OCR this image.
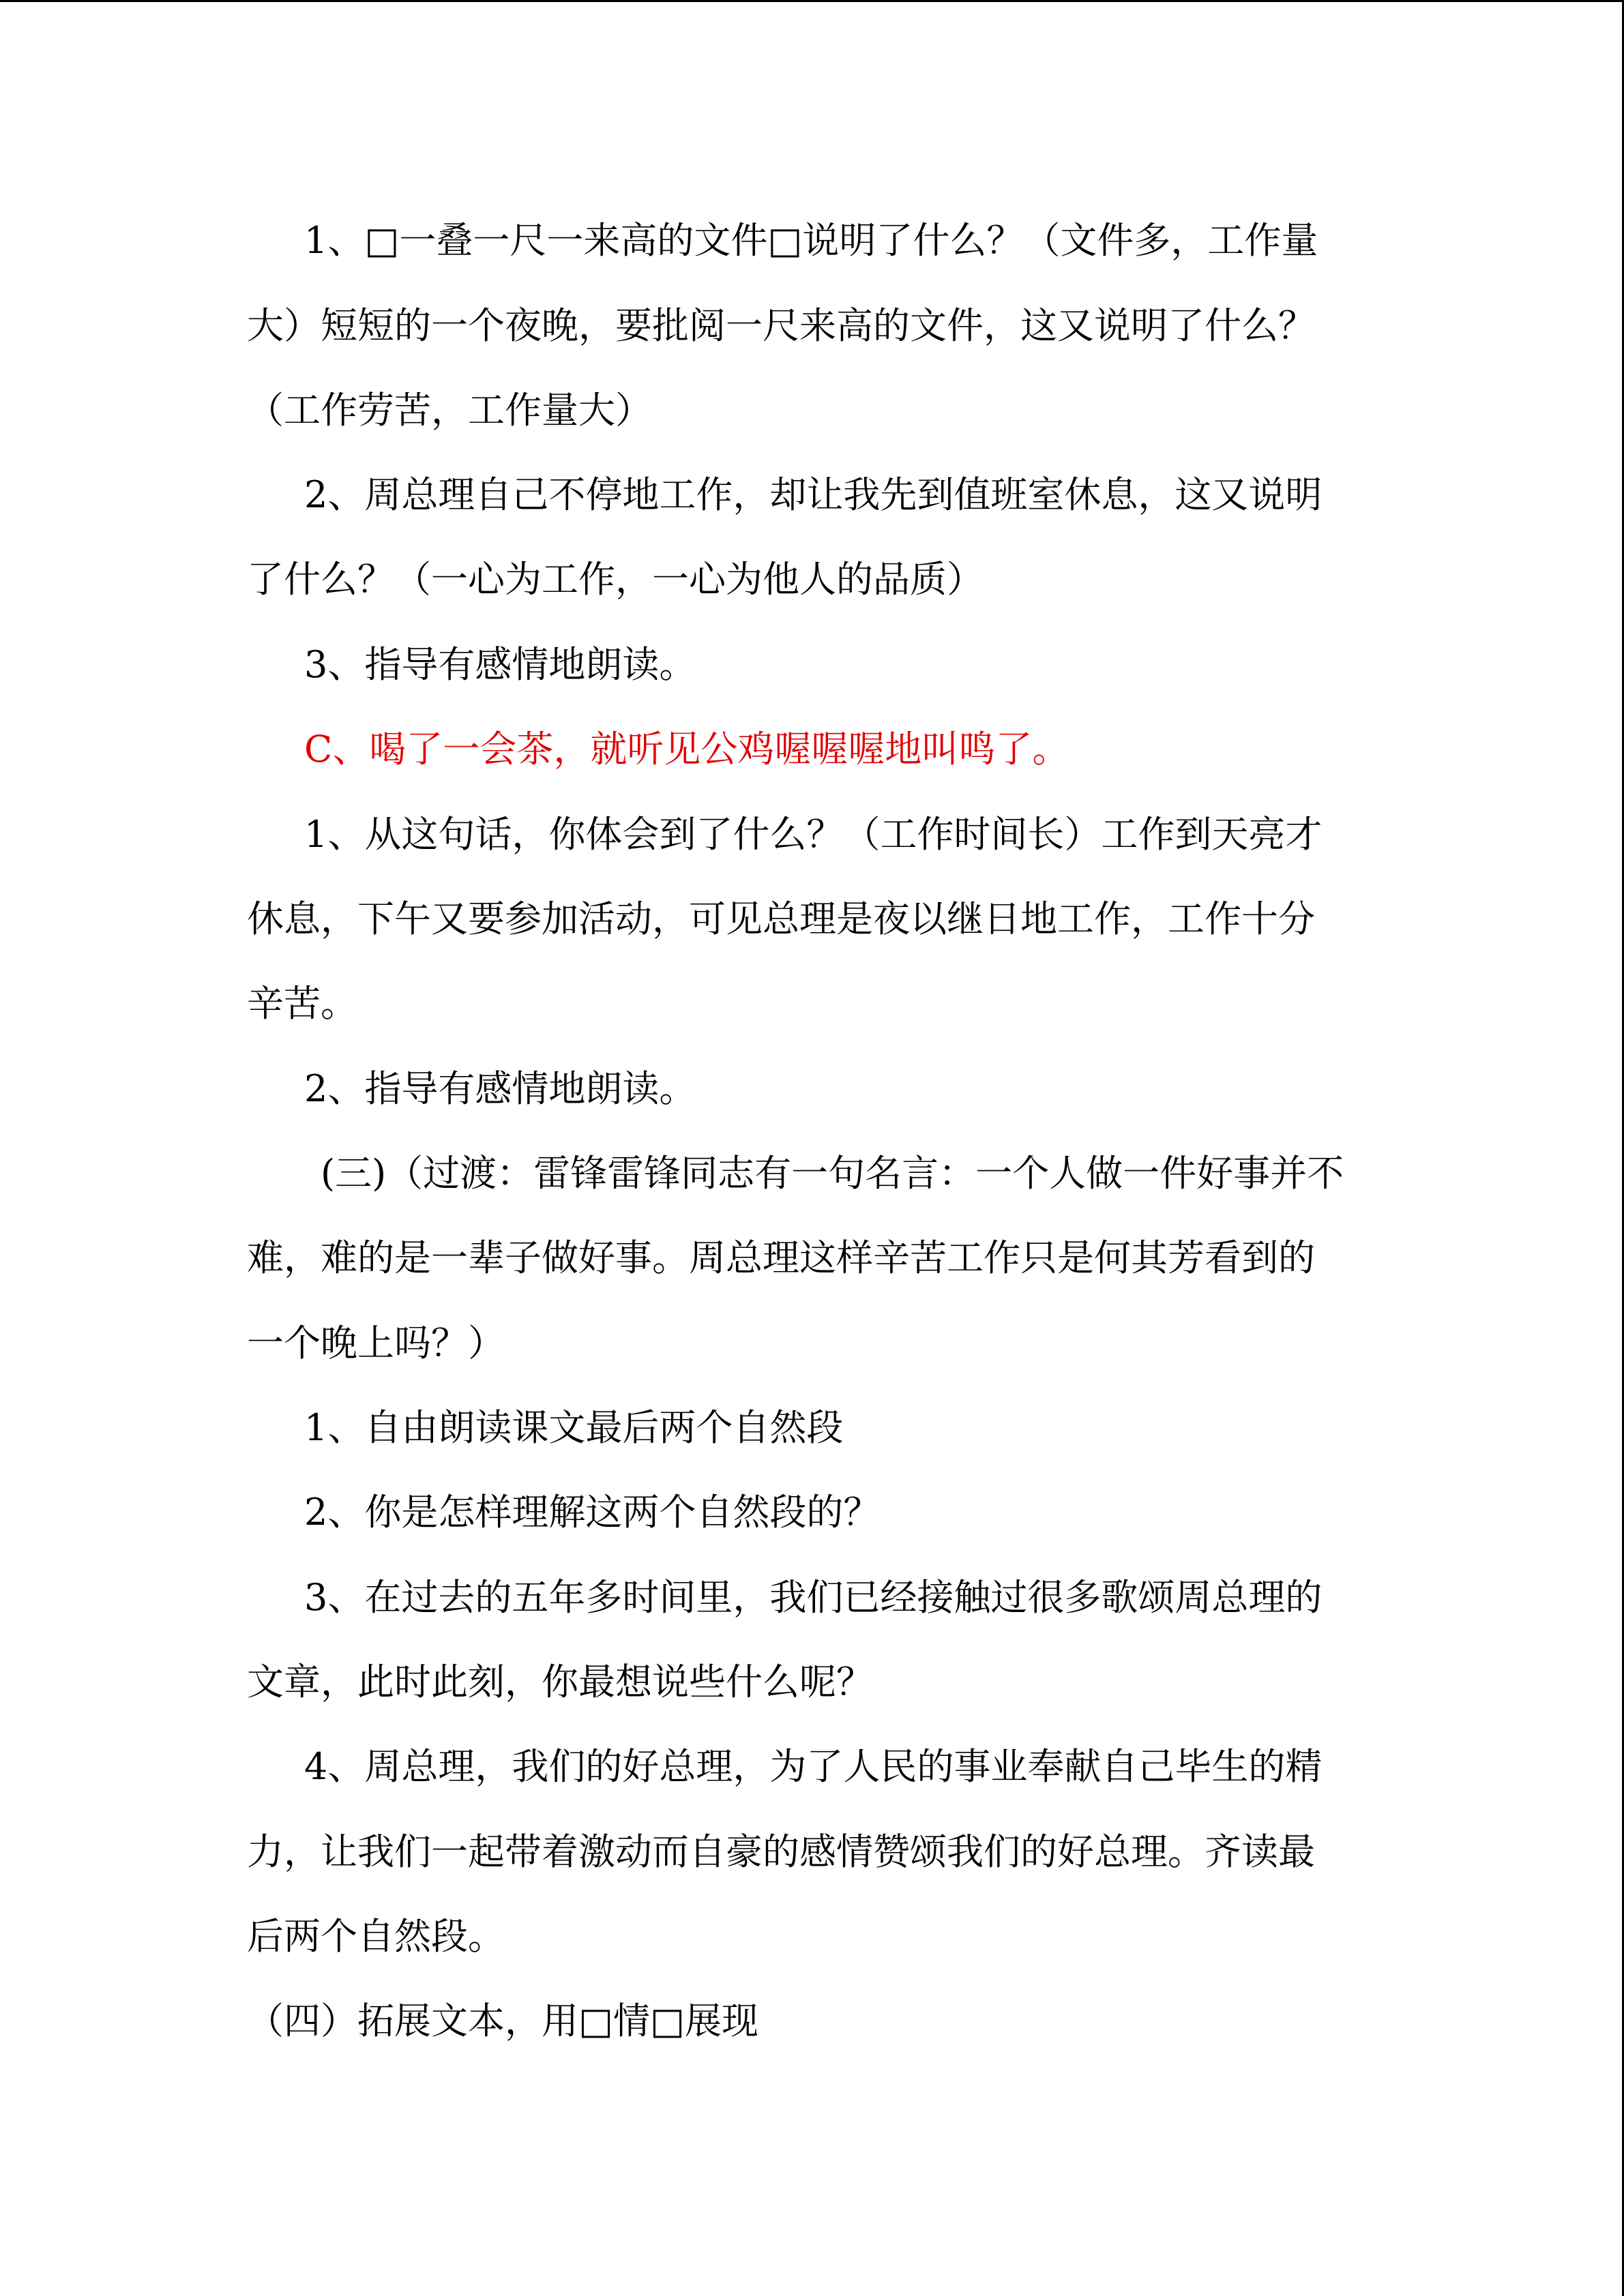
1、□一叠一尺一来高的文件□说明了什么？（文件多，工作量
大）短短的一个夜晚，要批阅一尺来高的文件，这又说明了什么？
（工作劳苦，工作量大）
2、周总理自己不停地工作，却让我先到值班室休息，这又说明
了什么？（一心为工作，一心为他人的品质）
3、指导有感情地朗读。
C、喝了一会茶，就听见公鸡喔喔喔地叫鸣了。
1、从这句话，你体会到了什么？（工作时间长）工作到天亮才
休息，下午又要参加活动，可见总理是夜以继日地工作，工作十分
辛苦。
2、指导有感情地朗读。
(三)（过渡：雷锋雷锋同志有一句名言：一个人做一件好事并不
难，难的是一辈子做好事。周总理这样辛苦工作只是何其芳看到的
一个晚上吗？）
1、自由朗读课文最后两个自然段
2、你是怎样理解这两个自然段的？
3、在过去的五年多时间里，我们已经接触过很多歌颂周总理的
文章，此时此刻，你最想说些什么呢？
4、周总理，我们的好总理，为了人民的事业奉献自己毕生的精
力，让我们一起带着激动而自豪的感情赞颂我们的好总理。齐读最
后两个自然段。
（四）拓展文本，用□情□展现
